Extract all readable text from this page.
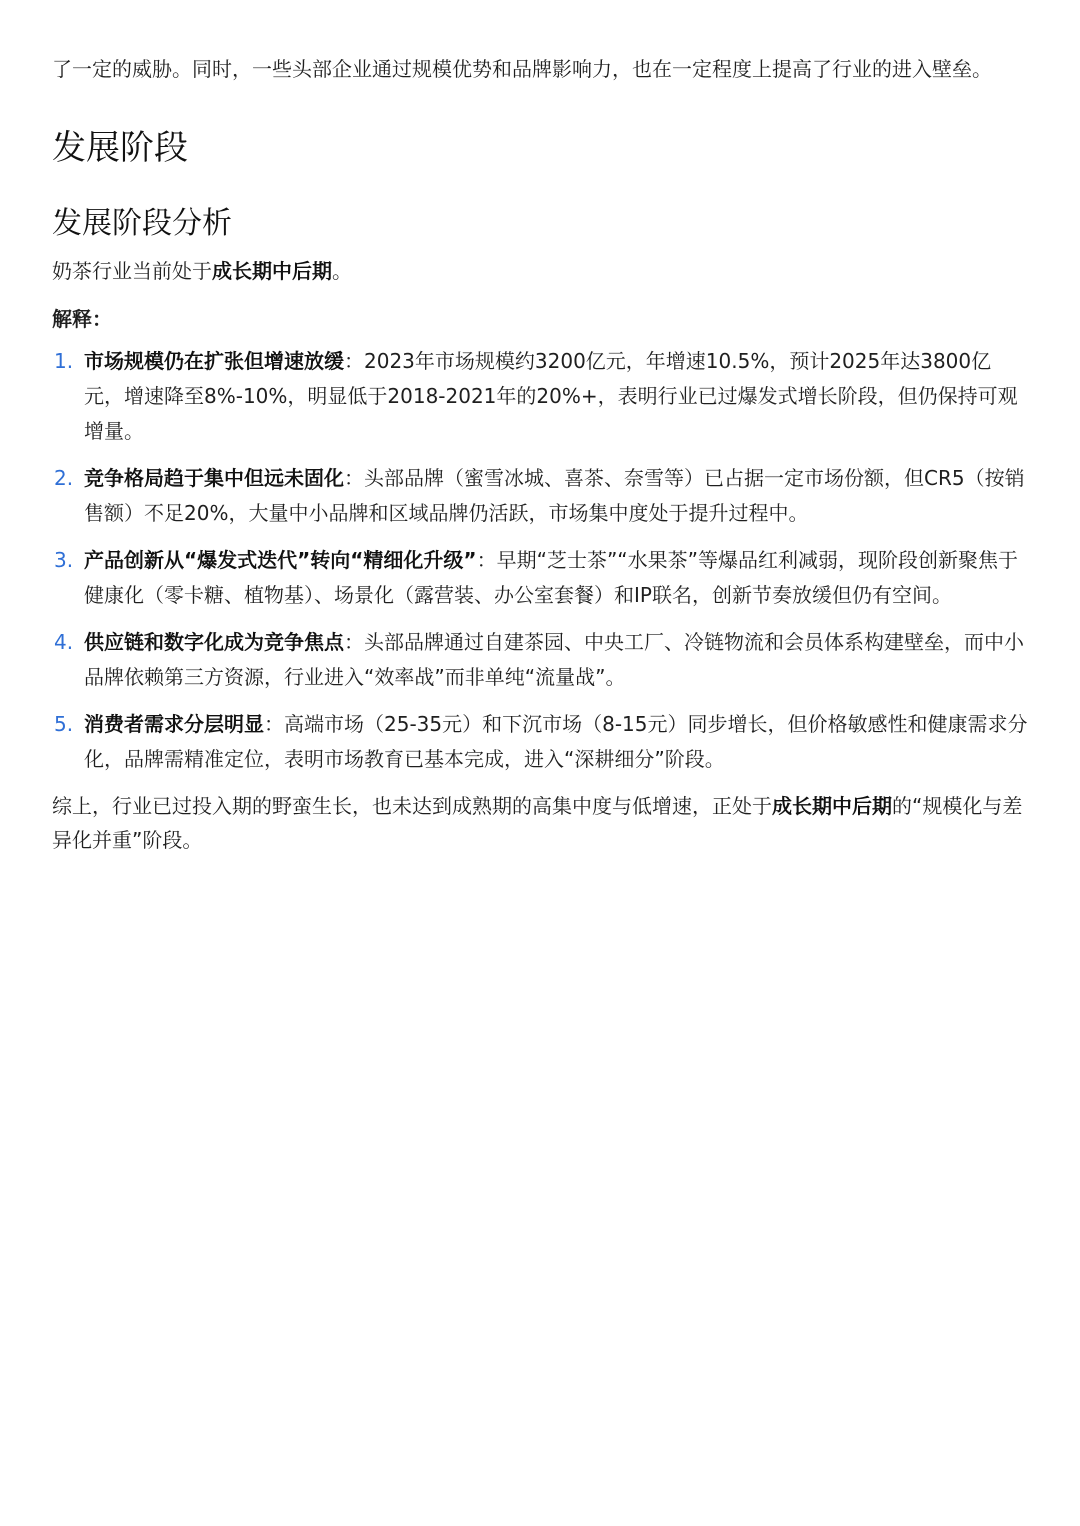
了一定的威胁。同时，一些头部企业通过规模优势和品牌影响力，也在一定程度上提高了行业的进入壁垒。

发展阶段
发展阶段分析

奶茶行业当前处于成长期中后期。

解释：

1. 市场规模仍在扩张但增速放缓：2023年市场规模约3200亿元，年增速10.5%，预计2025年达3800亿元，增速降至8%-10%，明显低于2018-2021年的20%+，表明行业已过爆发式增长阶段，但仍保持可观增量。
2. 竞争格局趋于集中但远未固化：头部品牌（蜜雪冰城、喜茶、奈雪等）已占据一定市场份额，但CR5（按销售额）不足20%，大量中小品牌和区域品牌仍活跃，市场集中度处于提升过程中。
3. 产品创新从“爆发式迭代”转向“精细化升级”：早期“芝士茶”“水果茶”等爆品红利减弱，现阶段创新聚焦于健康化（零卡糖、植物基）、场景化（露营装、办公室套餐）和IP联名，创新节奏放缓但仍有空间。
4. 供应链和数字化成为竞争焦点：头部品牌通过自建茶园、中央工厂、冷链物流和会员体系构建壁垒，而中小品牌依赖第三方资源，行业进入“效率战”而非单纯“流量战”。
5. 消费者需求分层明显：高端市场（25-35元）和下沉市场（8-15元）同步增长，但价格敏感性和健康需求分化，品牌需精准定位，表明市场教育已基本完成，进入“深耕细分”阶段。

综上，行业已过投入期的野蛮生长，也未达到成熟期的高集中度与低增速，正处于成长期中后期的“规模化与差异化并重”阶段。
